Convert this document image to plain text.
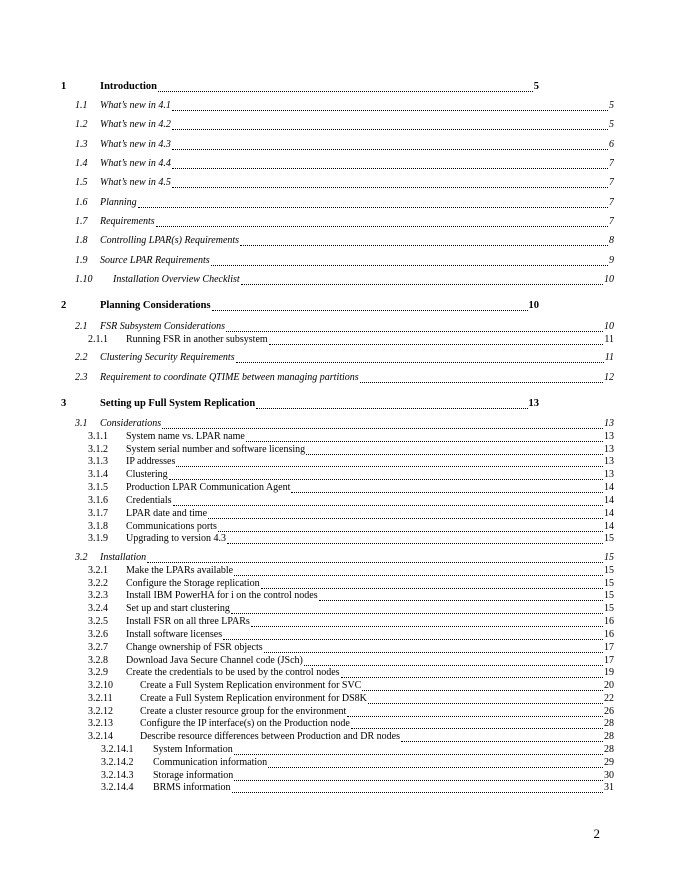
1	Introduction	5
1.1	What’s new in 4.1	5
1.2	What’s new in 4.2	5
1.3	What’s new in 4.3	6
1.4	What’s new in 4.4	7
1.5	What’s new in 4.5	7
1.6	Planning	7
1.7	Requirements	7
1.8	Controlling LPAR(s) Requirements	8
1.9	Source LPAR Requirements	9
1.10	Installation Overview Checklist	10
2	Planning Considerations	10
2.1	FSR Subsystem Considerations	10
2.1.1	Running FSR in another subsystem	11
2.2	Clustering Security Requirements	11
2.3	Requirement to coordinate QTIME between managing partitions	12
3	Setting up Full System Replication	13
3.1	Considerations	13
3.1.1	System name vs. LPAR name	13
3.1.2	System serial number and software licensing	13
3.1.3	IP addresses	13
3.1.4	Clustering	13
3.1.5	Production LPAR Communication Agent	14
3.1.6	Credentials	14
3.1.7	LPAR date and time	14
3.1.8	Communications ports	14
3.1.9	Upgrading to version 4.3	15
3.2	Installation	15
3.2.1	Make the LPARs available	15
3.2.2	Configure the Storage replication	15
3.2.3	Install IBM PowerHA for i on the control nodes	15
3.2.4	Set up and start clustering	15
3.2.5	Install FSR on all three LPARs	16
3.2.6	Install software licenses	16
3.2.7	Change ownership of FSR objects	17
3.2.8	Download Java Secure Channel code (JSch)	17
3.2.9	Create the credentials to be used by the control nodes	19
3.2.10	Create a Full System Replication environment for SVC	20
3.2.11	Create a Full System Replication environment for DS8K	22
3.2.12	Create a cluster resource group for the environment	26
3.2.13	Configure the IP interface(s) on the Production node	28
3.2.14	Describe resource differences between Production and DR nodes	28
3.2.14.1	System Information	28
3.2.14.2	Communication information	29
3.2.14.3	Storage information	30
3.2.14.4	BRMS information	31
2
